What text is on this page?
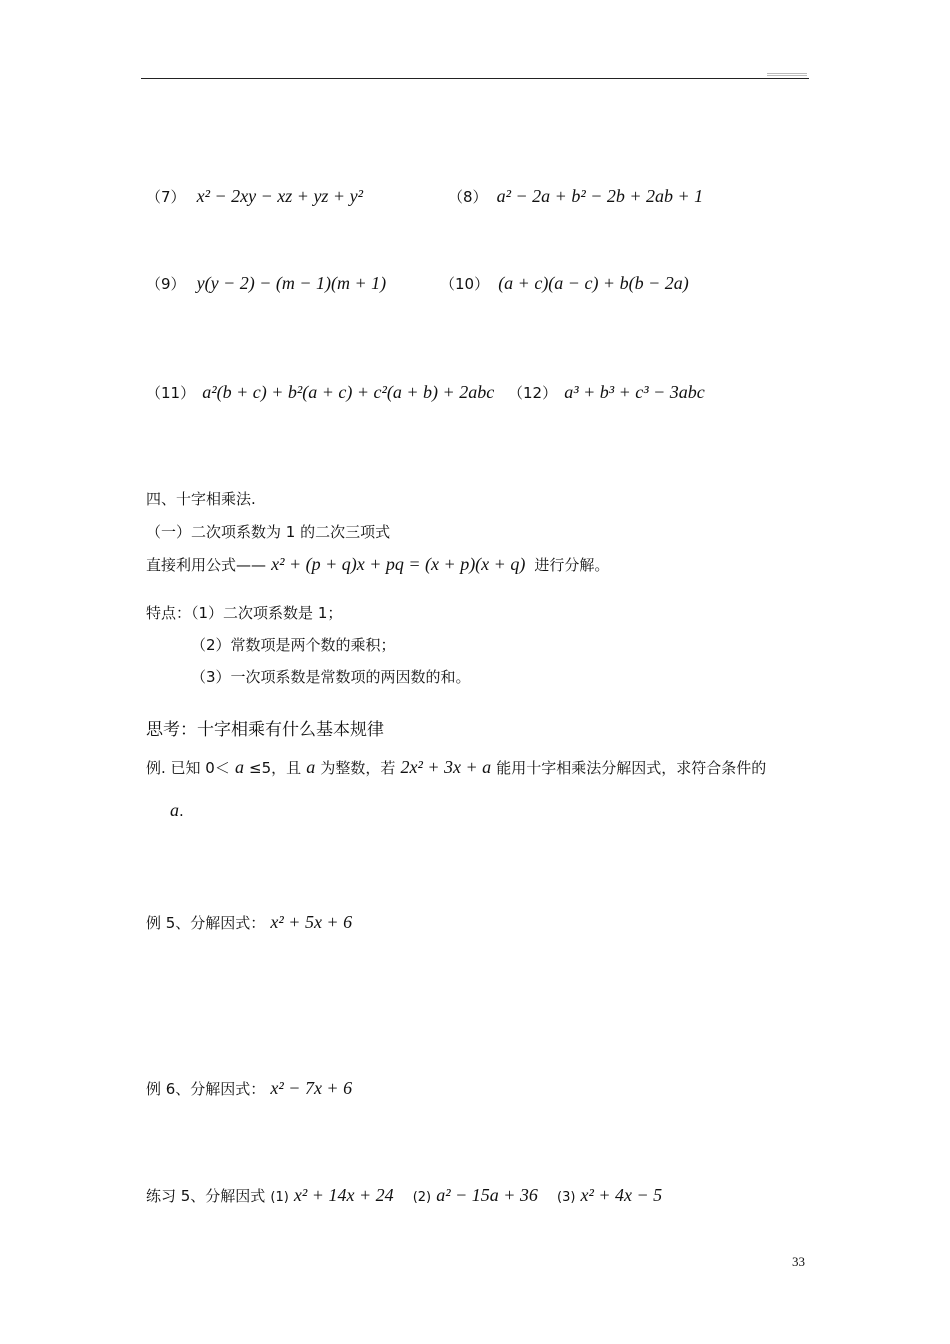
（7） x² − 2xy − xz + yz + y²	（8） a² − 2a + b² − 2b + 2ab + 1
（9） y(y − 2) − (m − 1)(m + 1)	（10） (a + c)(a − c) + b(b − 2a)
（11） a²(b + c) + b²(a + c) + c²(a + b) + 2abc （12） a³ + b³ + c³ − 3abc
四、十字相乘法.
（一）二次项系数为 1 的二次三项式
直接利用公式—— x² + (p + q)x + pq = (x + p)(x + q) 进行分解。
特点：（1）二次项系数是 1；
（2）常数项是两个数的乘积；
（3）一次项系数是常数项的两因数的和。
思考：十字相乘有什么基本规律
例. 已知 0＜ a ≤5，且 a 为整数，若 2x² + 3x + a 能用十字相乘法分解因式，求符合条件的
a.
例 5、分解因式： x² + 5x + 6
例 6、分解因式： x² − 7x + 6
练习 5、分解因式 (1) x² + 14x + 24 (2) a² − 15a + 36 (3) x² + 4x − 5
33
